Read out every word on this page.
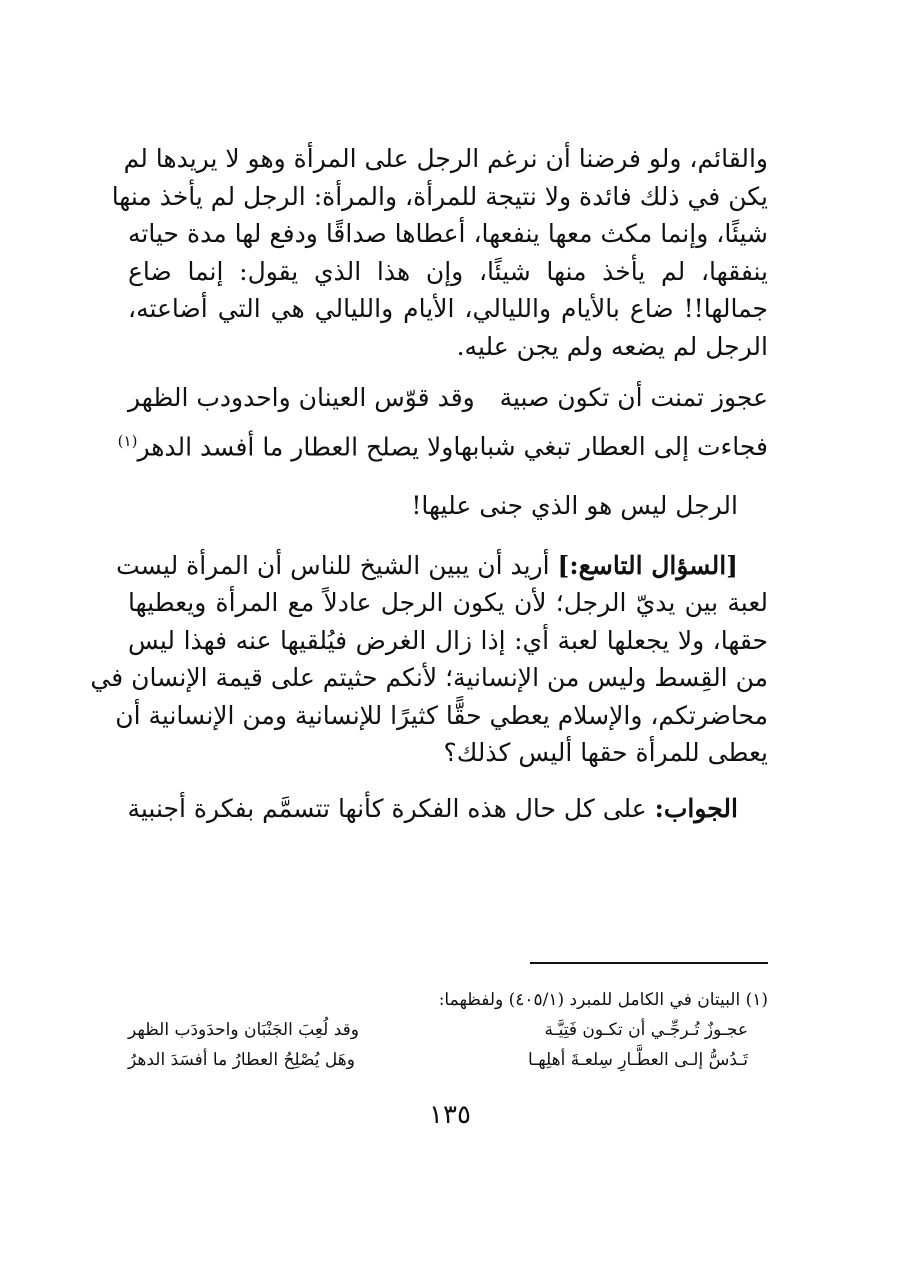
والقائم، ولو فرضنا أن نرغم الرجل على المرأة وهو لا يريدها لم
يكن في ذلك فائدة ولا نتيجة للمرأة، والمرأة: الرجل لم يأخذ منها
شيئًا، وإنما مكث معها ينفعها، أعطاها صداقًا ودفع لها مدة حياته
ينفقها، لم يأخذ منها شيئًا، وإن هذا الذي يقول: إنما ضاع
جمالها!! ضاع بالأيام والليالي، الأيام والليالي هي التي أضاعته،
الرجل لم يضعه ولم يجن عليه.

عجوز تمنت أن تكون صبية
وقد قوّس العينان واحدودب الظهر
فجاءت إلى العطار تبغي شبابها
ولا يصلح العطار ما أفسد الدهر$^{(١)}$

الرجل ليس هو الذي جنى عليها!

[السؤال التاسع:] أريد أن يبين الشيخ للناس أن المرأة ليست
لعبة بين يديّ الرجل؛ لأن يكون الرجل عادلاً مع المرأة ويعطيها
حقها، ولا يجعلها لعبة أي: إذا زال الغرض فيُلقيها عنه فهذا ليس
من القِسط وليس من الإنسانية؛ لأنكم حثيتم على قيمة الإنسان في
محاضرتكم، والإسلام يعطي حقًّا كثيرًا للإنسانية ومن الإنسانية أن
يعطى للمرأة حقها أليس كذلك؟

الجواب: على كل حال هذه الفكرة كأنها تتسمَّم بفكرة أجنبية

(١) البيتان في الكامل للمبرد (٤٠٥/١) ولفظهما:
عجـوزٌ تُـرجِّـي أن تكـون فَتِيَّـة
وقد لُعِبَ الجَنْبَان واحدَودَب الظهر
تَـدُسُّ إلـى العطَّـارِ سِلعـةَ أهلِهـا
وهَل يُصْلِحُ العطارُ ما أفسَدَ الدهرُ
١٣٥
